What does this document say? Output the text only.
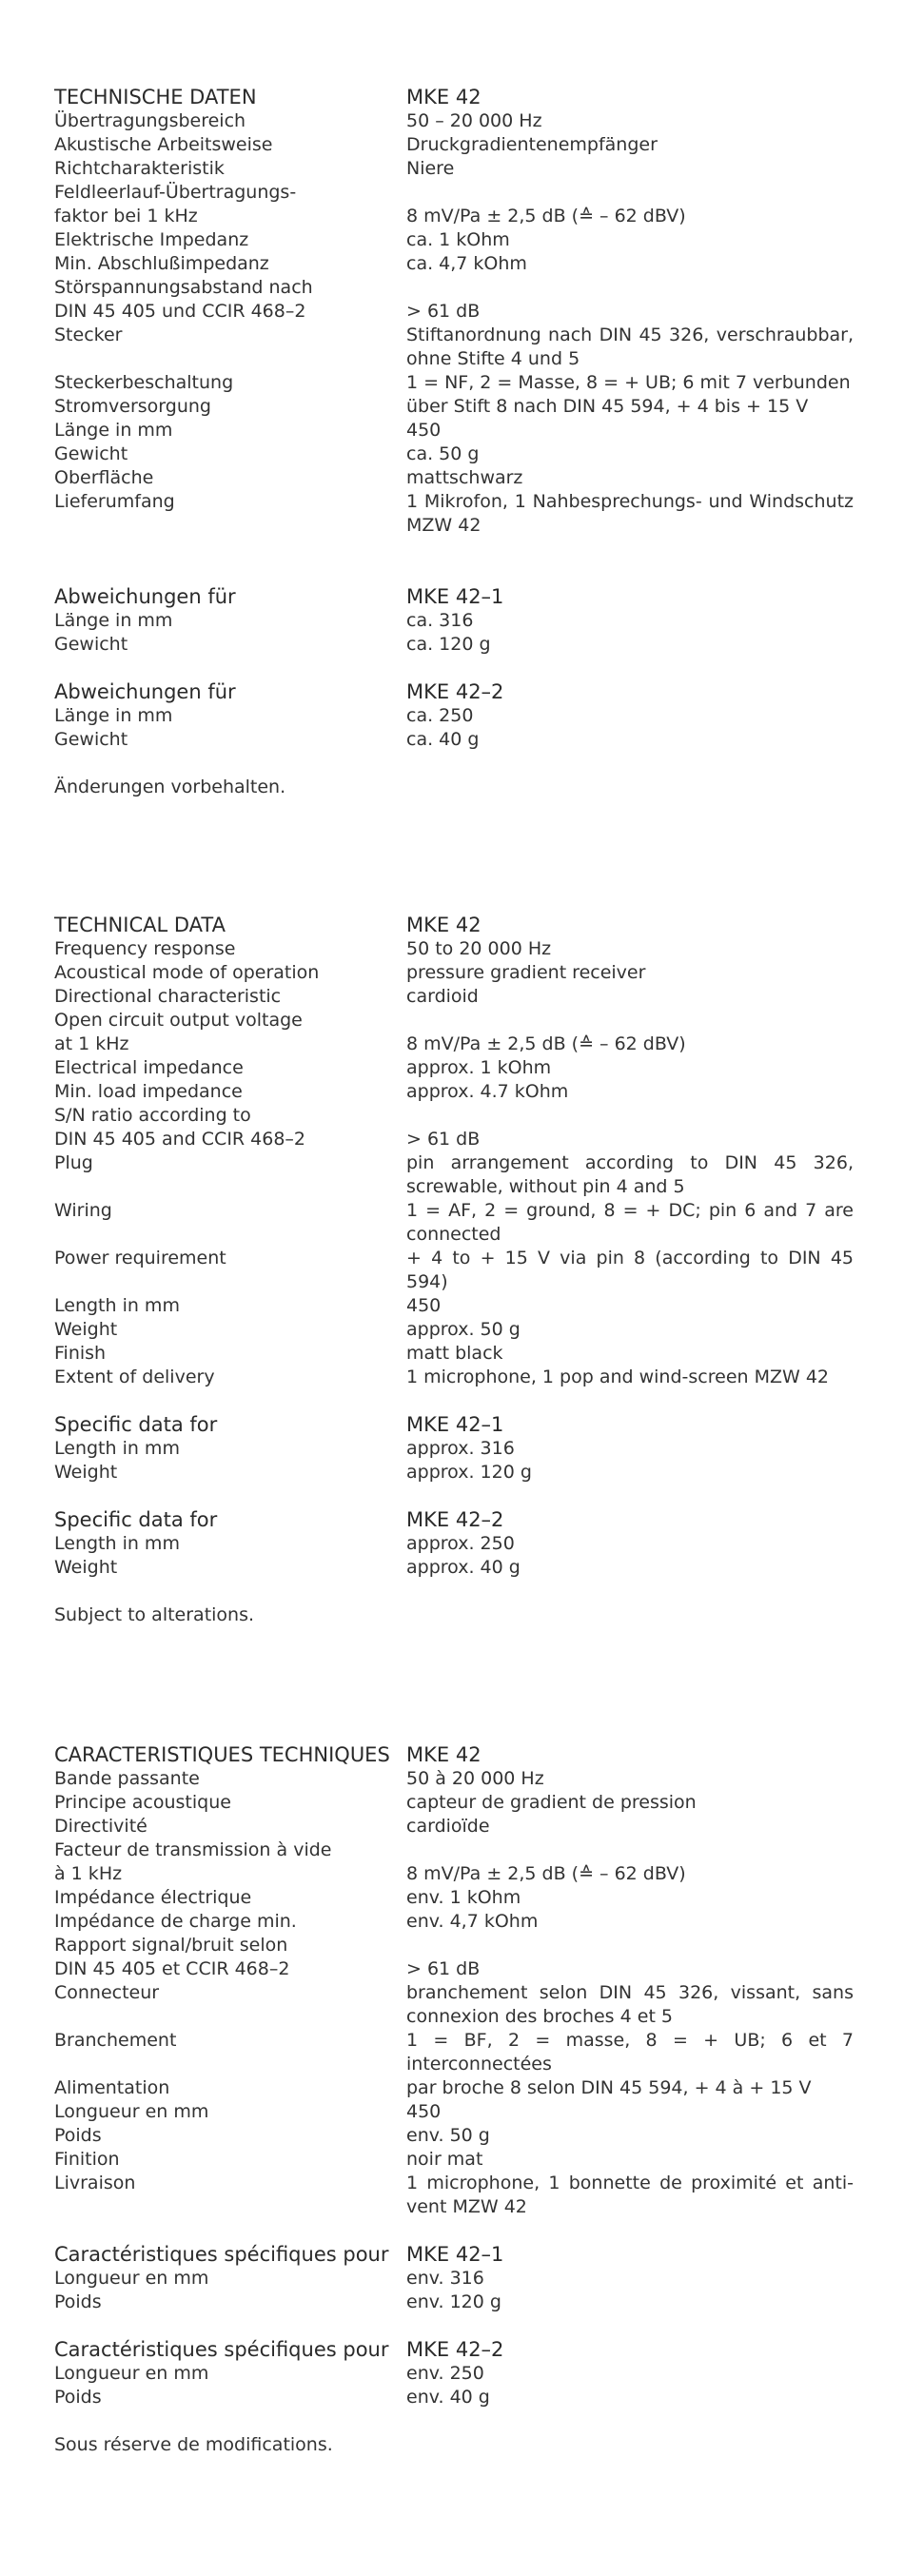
TECHNISCHE DATEN	MKE 42
Übertragungsbereich	50 – 20 000 Hz
Akustische Arbeitsweise	Druckgradientenempfänger
Richtcharakteristik	Niere
Feldleerlauf-Übertragungs-
faktor bei 1 kHz	8 mV/Pa ± 2,5 dB (≙ – 62 dBV)
Elektrische Impedanz	ca. 1 kOhm
Min. Abschlußimpedanz	ca. 4,7 kOhm
Störspannungsabstand nach
DIN 45 405 und CCIR 468–2	> 61 dB
Stecker	Stiftanordnung nach DIN 45 326, verschraubbar, ohne Stifte 4 und 5
Steckerbeschaltung	1 = NF, 2 = Masse, 8 = + UB; 6 mit 7 verbunden
Stromversorgung	über Stift 8 nach DIN 45 594, + 4 bis + 15 V
Länge in mm	450
Gewicht	ca. 50 g
Oberfläche	mattschwarz
Lieferumfang	1 Mikrofon, 1 Nahbesprechungs- und Windschutz MZW 42
Abweichungen für	MKE 42–1
Länge in mm	ca. 316
Gewicht	ca. 120 g
Abweichungen für	MKE 42–2
Länge in mm	ca. 250
Gewicht	ca. 40 g
Änderungen vorbehalten.
TECHNICAL DATA	MKE 42
Frequency response	50 to 20 000 Hz
Acoustical mode of operation	pressure gradient receiver
Directional characteristic	cardioid
Open circuit output voltage
at 1 kHz	8 mV/Pa ± 2,5 dB (≙ – 62 dBV)
Electrical impedance	approx. 1 kOhm
Min. load impedance	approx. 4.7 kOhm
S/N ratio according to
DIN 45 405 and CCIR 468–2	> 61 dB
Plug	pin arrangement according to DIN 45 326, screwable, without pin 4 and 5
Wiring	1 = AF, 2 = ground, 8 = + DC; pin 6 and 7 are connected
Power requirement	+ 4 to + 15 V via pin 8 (according to DIN 45 594)
Length in mm	450
Weight	approx. 50 g
Finish	matt black
Extent of delivery	1 microphone, 1 pop and wind-screen MZW 42
Specific data for	MKE 42–1
Length in mm	approx. 316
Weight	approx. 120 g
Specific data for	MKE 42–2
Length in mm	approx. 250
Weight	approx. 40 g
Subject to alterations.
CARACTERISTIQUES TECHNIQUES MKE 42
Bande passante	50 à 20 000 Hz
Principe acoustique	capteur de gradient de pression
Directivité	cardioïde
Facteur de transmission à vide
à 1 kHz	8 mV/Pa ± 2,5 dB (≙ – 62 dBV)
Impédance électrique	env. 1 kOhm
Impédance de charge min.	env. 4,7 kOhm
Rapport signal/bruit selon
DIN 45 405 et CCIR 468–2	> 61 dB
Connecteur	branchement selon DIN 45 326, vissant, sans connexion des broches 4 et 5
Branchement	1 = BF, 2 = masse, 8 = + UB; 6 et 7 interconnectées
Alimentation	par broche 8 selon DIN 45 594, + 4 à + 15 V
Longueur en mm	450
Poids	env. 50 g
Finition	noir mat
Livraison	1 microphone, 1 bonnette de proximité et anti-vent MZW 42
Caractéristiques spécifiques pour MKE 42–1
Longueur en mm	env. 316
Poids	env. 120 g
Caractéristiques spécifiques pour MKE 42–2
Longueur en mm	env. 250
Poids	env. 40 g
Sous réserve de modifications.
